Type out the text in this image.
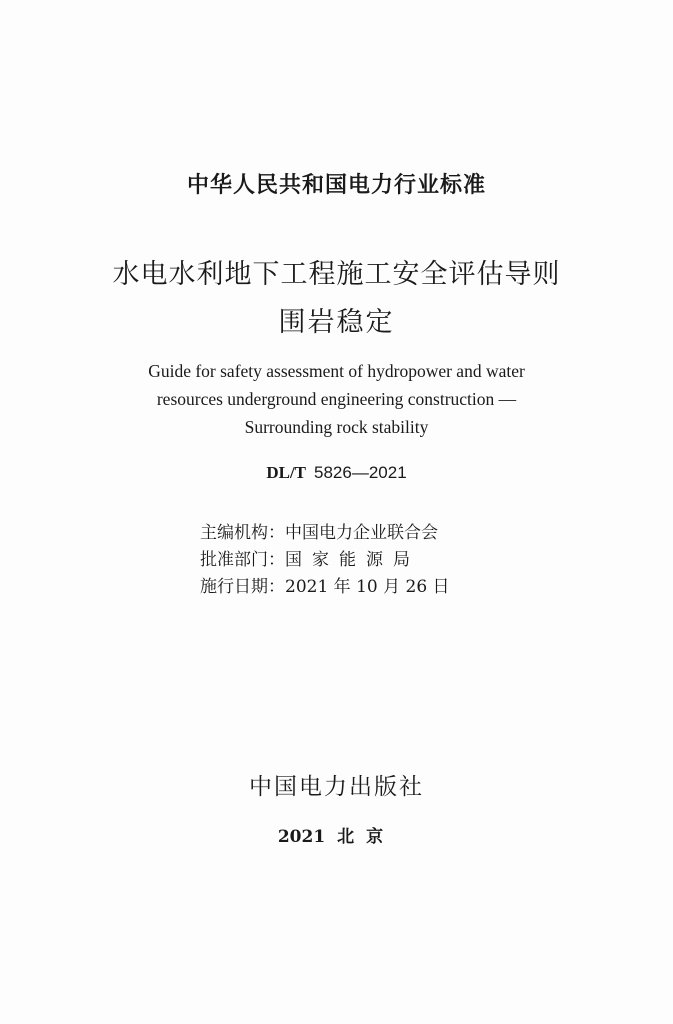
中华人民共和国电力行业标准
水电水利地下工程施工安全评估导则
围岩稳定
Guide for safety assessment of hydropower and water
resources underground engineering construction —
Surrounding rock stability
DL/T 5826—2021
主编机构：中国电力企业联合会
批准部门：国家能源局
施行日期：2021 年 10 月 26 日
中国电力出版社
2021 北京
